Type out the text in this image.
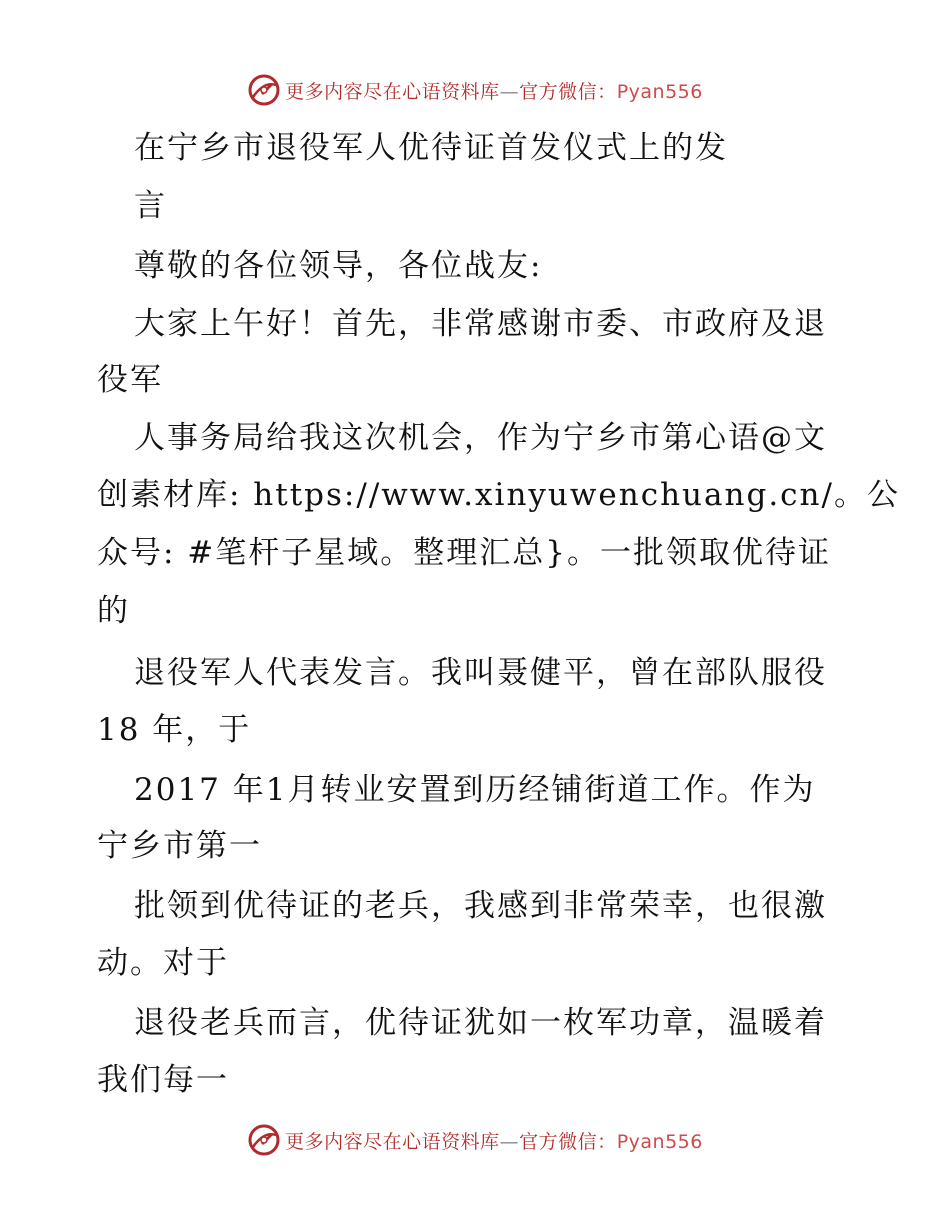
更多内容尽在心语资料库—官方微信：Pyan556
在宁乡市退役军人优待证首发仪式上的发
言
尊敬的各位领导，各位战友:
大家上午好！首先，非常感谢市委、市政府及退
役军
人事务局给我这次机会，作为宁乡市第心语@文
创素材库: https://www.xinyuwenchuang.cn/。公
众号: #笔杆子星域。整理汇总}。一批领取优待证
的
退役军人代表发言。我叫聂健平，曾在部队服役
18 年，于
2017 年1月转业安置到历经铺街道工作。作为
宁乡市第一
批领到优待证的老兵，我感到非常荣幸，也很激
动。对于
退役老兵而言，优待证犹如一枚军功章，温暖着
我们每一
更多内容尽在心语资料库—官方微信：Pyan556
